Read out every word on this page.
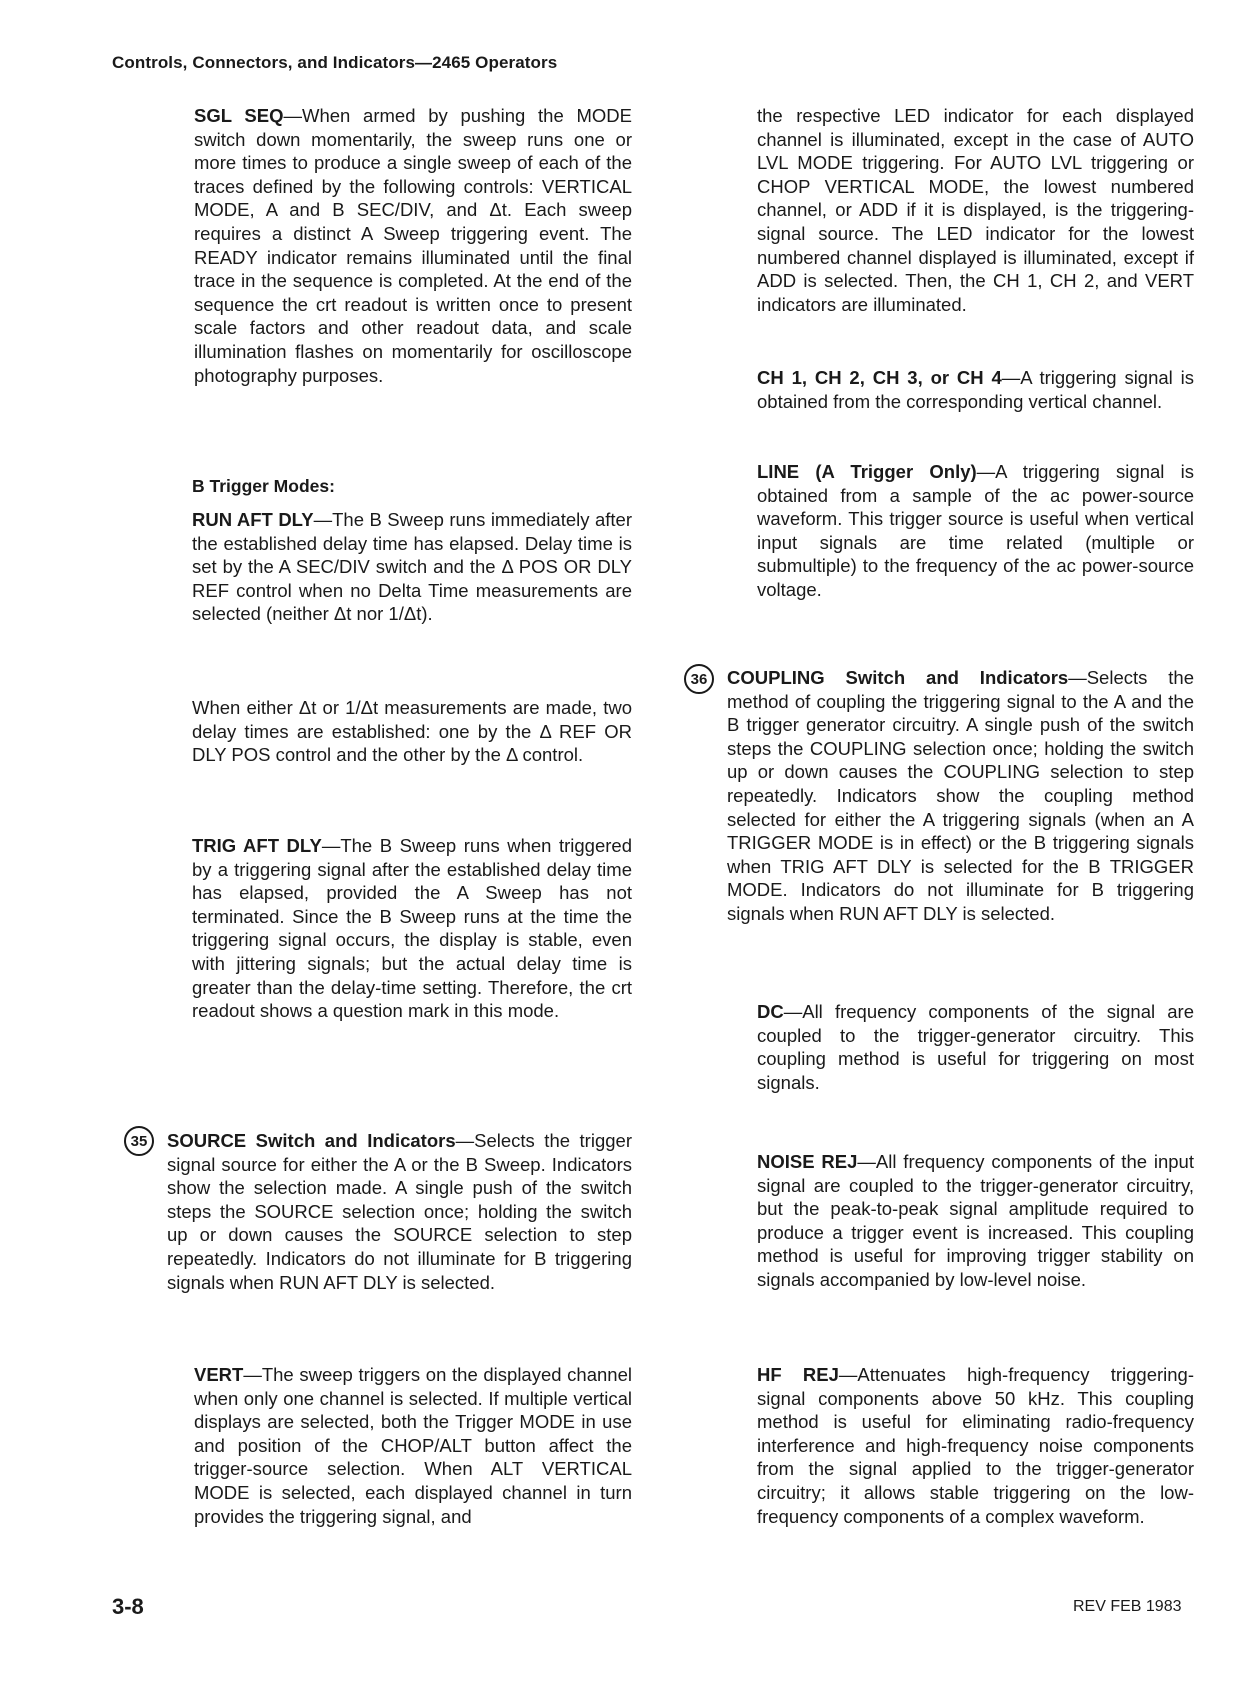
Controls, Connectors, and Indicators—2465 Operators

SGL SEQ—When armed by pushing the MODE switch down momentarily, the sweep runs one or more times to produce a single sweep of each of the traces defined by the following controls: VERTICAL MODE, A and B SEC/DIV, and Δt. Each sweep requires a distinct A Sweep triggering event. The READY indicator remains illuminated until the final trace in the sequence is completed. At the end of the sequence the crt readout is written once to present scale factors and other readout data, and scale illumination flashes on momentarily for oscilloscope photography purposes.

B Trigger Modes:

RUN AFT DLY—The B Sweep runs immediately after the established delay time has elapsed. Delay time is set by the A SEC/DIV switch and the Δ POS OR DLY REF control when no Delta Time measurements are selected (neither Δt nor 1/Δt).

When either Δt or 1/Δt measurements are made, two delay times are established: one by the Δ REF OR DLY POS control and the other by the Δ control.

TRIG AFT DLY—The B Sweep runs when triggered by a triggering signal after the established delay time has elapsed, provided the A Sweep has not terminated. Since the B Sweep runs at the time the triggering signal occurs, the display is stable, even with jittering signals; but the actual delay time is greater than the delay-time setting. Therefore, the crt readout shows a question mark in this mode.

35	SOURCE Switch and Indicators—Selects the trigger signal source for either the A or the B Sweep. Indicators show the selection made. A single push of the switch steps the SOURCE selection once; holding the switch up or down causes the SOURCE selection to step repeatedly. Indicators do not illuminate for B triggering signals when RUN AFT DLY is selected.

VERT—The sweep triggers on the displayed channel when only one channel is selected. If multiple vertical displays are selected, both the Trigger MODE in use and position of the CHOP/ALT button affect the trigger-source selection. When ALT VERTICAL MODE is selected, each displayed channel in turn provides the triggering signal, and

the respective LED indicator for each displayed channel is illuminated, except in the case of AUTO LVL MODE triggering. For AUTO LVL triggering or CHOP VERTICAL MODE, the lowest numbered channel, or ADD if it is displayed, is the triggering-signal source. The LED indicator for the lowest numbered channel displayed is illuminated, except if ADD is selected. Then, the CH 1, CH 2, and VERT indicators are illuminated.

CH 1, CH 2, CH 3, or CH 4—A triggering signal is obtained from the corresponding vertical channel.

LINE (A Trigger Only)—A triggering signal is obtained from a sample of the ac power-source waveform. This trigger source is useful when vertical input signals are time related (multiple or submultiple) to the frequency of the ac power-source voltage.

36	COUPLING Switch and Indicators—Selects the method of coupling the triggering signal to the A and the B trigger generator circuitry. A single push of the switch steps the COUPLING selection once; holding the switch up or down causes the COUPLING selection to step repeatedly. Indicators show the coupling method selected for either the A triggering signals (when an A TRIGGER MODE is in effect) or the B triggering signals when TRIG AFT DLY is selected for the B TRIGGER MODE. Indicators do not illuminate for B triggering signals when RUN AFT DLY is selected.

DC—All frequency components of the signal are coupled to the trigger-generator circuitry. This coupling method is useful for triggering on most signals.

NOISE REJ—All frequency components of the input signal are coupled to the trigger-generator circuitry, but the peak-to-peak signal amplitude required to produce a trigger event is increased. This coupling method is useful for improving trigger stability on signals accompanied by low-level noise.

HF REJ—Attenuates high-frequency triggering-signal components above 50 kHz. This coupling method is useful for eliminating radio-frequency interference and high-frequency noise components from the signal applied to the trigger-generator circuitry; it allows stable triggering on the low-frequency components of a complex waveform.

3-8	REV FEB 1983
